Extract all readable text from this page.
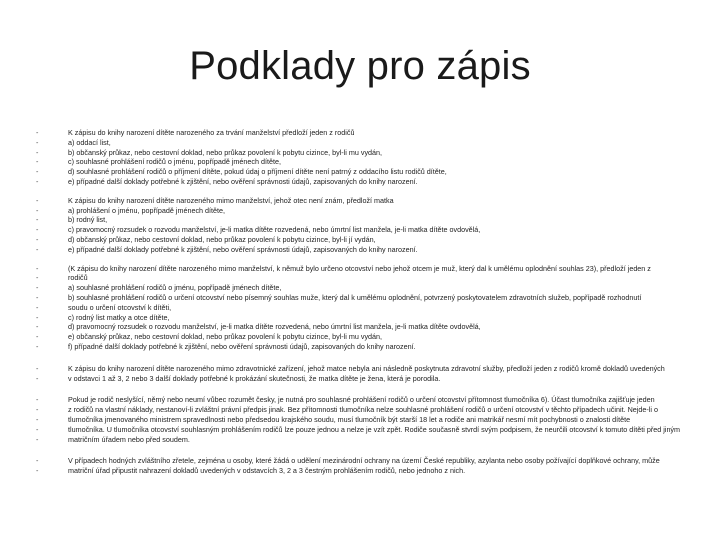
Podklady pro zápis
-	K zápisu do knihy narození dítěte narozeného za trvání manželství předloží jeden z rodičů
-	a) oddací list,
-	b) občanský průkaz, nebo cestovní doklad, nebo průkaz povolení k pobytu cizince, byl-li mu vydán,
-	c) souhlasné prohlášení rodičů o jménu, popřípadě jménech dítěte,
-	d) souhlasné prohlášení rodičů o příjmení dítěte, pokud údaj o příjmení dítěte není patrný z oddacího listu rodičů dítěte,
-	e) případné další doklady potřebné k zjištění, nebo ověření správnosti údajů, zapisovaných do knihy narození.
-	K zápisu do knihy narození dítěte narozeného mimo manželství, jehož otec není znám, předloží matka
-	a) prohlášení o jménu, popřípadě jménech dítěte,
-	b) rodný list,
-	c) pravomocný rozsudek o rozvodu manželství, je-li matka dítěte rozvedená, nebo úmrtní list manžela, je-li matka dítěte ovdovělá,
-	d) občanský průkaz, nebo cestovní doklad, nebo průkaz povolení k pobytu cizince, byl-li jí vydán,
-	e) případné další doklady potřebné k zjištění, nebo ověření správnosti údajů, zapisovaných do knihy narození.
-	(K zápisu do knihy narození dítěte narozeného mimo manželství, k němuž bylo určeno otcovství nebo jehož otcem je muž, který dal k umělému oplodnění souhlas 23), předloží jeden z
-	rodičů
-	a) souhlasné prohlášení rodičů o jménu, popřípadě jménech dítěte,
-	b) souhlasné prohlášení rodičů o určení otcovství nebo písemný souhlas muže, který dal k umělému oplodnění, potvrzený poskytovatelem zdravotních služeb, popřípadě rozhodnutí
-	soudu o určení otcovství k dítěti,
-	c) rodný list matky a otce dítěte,
-	d) pravomocný rozsudek o rozvodu manželství, je-li matka dítěte rozvedená, nebo úmrtní list manžela, je-li matka dítěte ovdovělá,
-	e) občanský průkaz, nebo cestovní doklad, nebo průkaz povolení k pobytu cizince, byl-li mu vydán,
-	f) případné další doklady potřebné k zjištění, nebo ověření správnosti údajů, zapisovaných do knihy narození.
-	K zápisu do knihy narození dítěte narozeného mimo zdravotnické zařízení, jehož matce nebyla ani následně poskytnuta zdravotní služby, předloží jeden z rodičů kromě dokladů uvedených
-	v odstavci 1 až 3, 2 nebo 3 další doklady potřebné k prokázání skutečnosti, že matka dítěte je žena, která je porodila.
-	Pokud je rodič neslyšící, němý nebo neumí vůbec rozumět česky, je nutná pro souhlasné prohlášení rodičů o určení otcovství přítomnost tlumočníka 6). Účast tlumočníka zajišťuje jeden
-	z rodičů na vlastní náklady, nestanoví-li zvláštní právní předpis jinak. Bez přítomnosti tlumočníka nelze souhlasné prohlášení rodičů o určení otcovství v těchto případech učinit. Nejde-li o
-	tlumočníka jmenovaného ministrem spravedlnosti nebo předsedou krajského soudu, musí tlumočník být starší 18 let a rodiče ani matrikář nesmí mít pochybnosti o znalosti dítěte
-	tlumočníka. U tlumočníka otcovství souhlasným prohlášením rodičů lze pouze jednou a nelze je vzít zpět. Rodiče současně stvrdí svým podpisem, že neurčili otcovství k tomuto dítěti před jiným
-	matričním úřadem nebo před soudem.
-	V případech hodných zvláštního zřetele, zejména u osoby, které žádá o udělení mezinárodní ochrany na území České republiky, azylanta nebo osoby požívající doplňkové ochrany, může
-	matriční úřad připustit nahrazení dokladů uvedených v odstavcích 3, 2 a 3 čestným prohlášením rodičů, nebo jednoho z nich.
